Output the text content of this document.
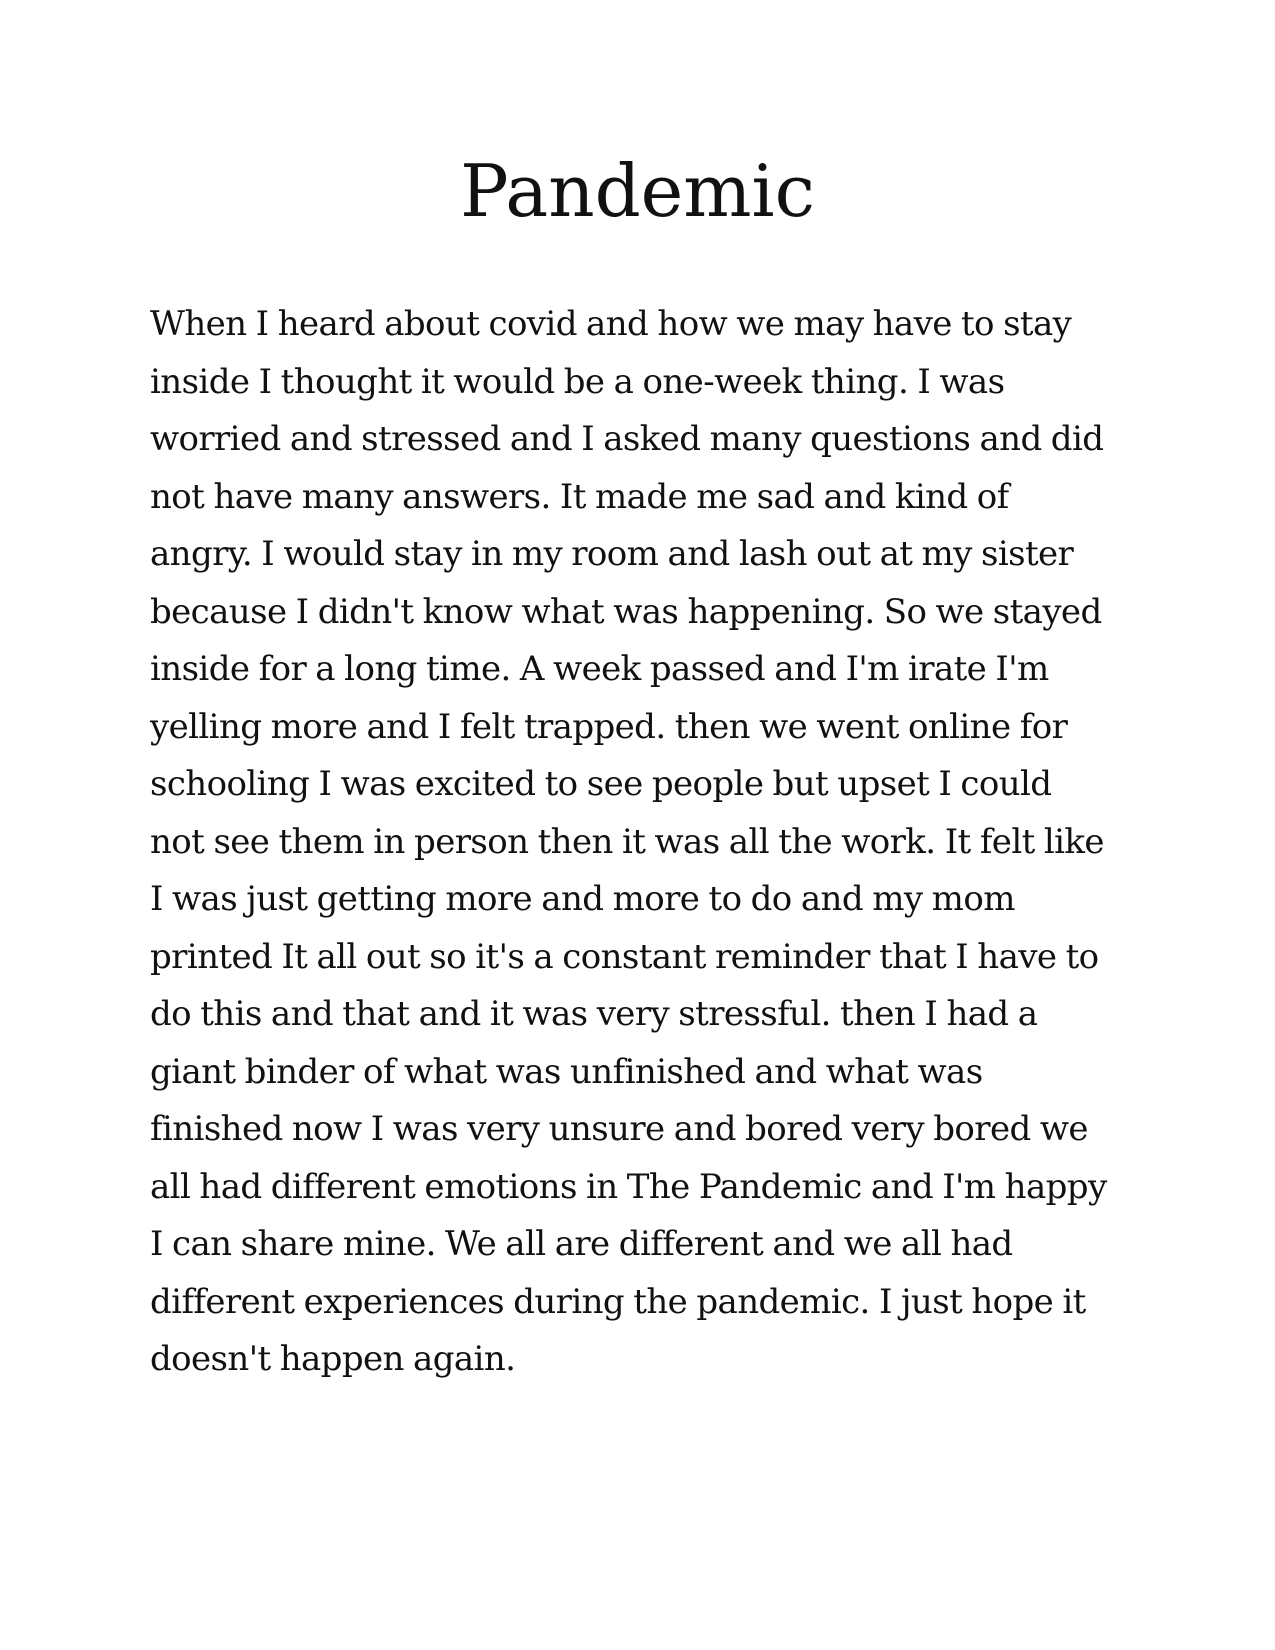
Pandemic
When I heard about covid and how we may have to stay
inside I thought it would be a one-week thing. I was
worried and stressed and I asked many questions and did
not have many answers. It made me sad and kind of
angry. I would stay in my room and lash out at my sister
because I didn't know what was happening. So we stayed
inside for a long time. A week passed and I'm irate I'm
yelling more and I felt trapped. then we went online for
schooling I was excited to see people but upset I could
not see them in person then it was all the work. It felt like
I was just getting more and more to do and my mom
printed It all out so it's a constant reminder that I have to
do this and that and it was very stressful. then I had a
giant binder of what was unfinished and what was
finished now I was very unsure and bored very bored we
all had different emotions in The Pandemic and I'm happy
I can share mine. We all are different and we all had
different experiences during the pandemic. I just hope it
doesn't happen again.
